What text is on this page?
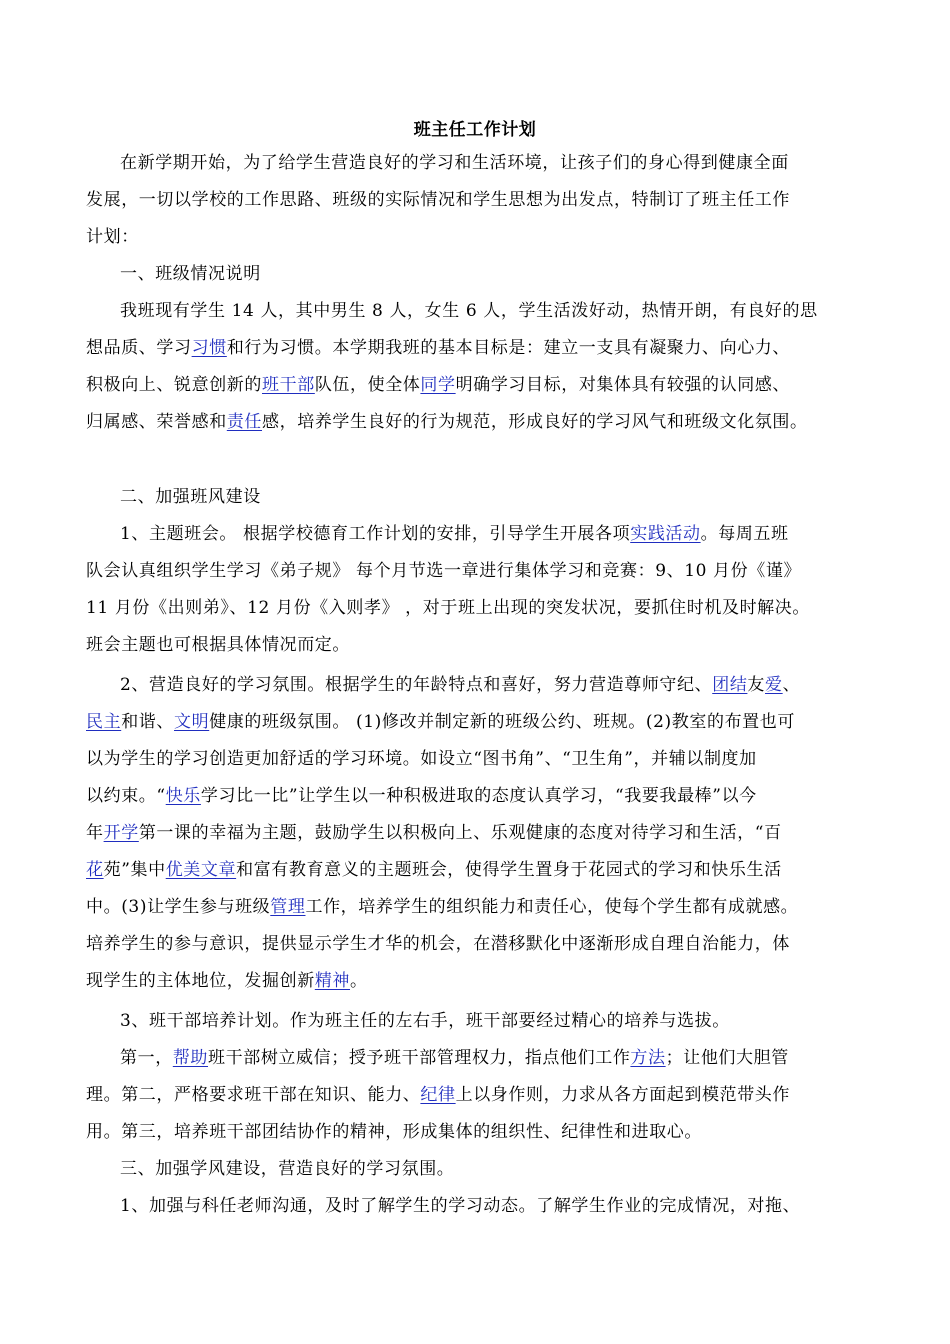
班主任工作计划
在新学期开始，为了给学生营造良好的学习和生活环境，让孩子们的身心得到健康全面
发展，一切以学校的工作思路、班级的实际情况和学生思想为出发点，特制订了班主任工作
计划：
一、班级情况说明
我班现有学生 14 人，其中男生 8 人，女生 6 人，学生活泼好动，热情开朗，有良好的思
想品质、学习习惯和行为习惯。本学期我班的基本目标是：建立一支具有凝聚力、向心力、
积极向上、锐意创新的班干部队伍，使全体同学明确学习目标，对集体具有较强的认同感、
归属感、荣誉感和责任感，培养学生良好的行为规范，形成良好的学习风气和班级文化氛围。
二、加强班风建设
1、主题班会。 根据学校德育工作计划的安排，引导学生开展各项实践活动。每周五班
队会认真组织学生学习《弟子规》 每个月节选一章进行集体学习和竞赛：9、10 月份《谨》
11 月份《出则弟》、12 月份《入则孝》 ，对于班上出现的突发状况，要抓住时机及时解决。
班会主题也可根据具体情况而定。
2、营造良好的学习氛围。根据学生的年龄特点和喜好，努力营造尊师守纪、团结友爱、
民主和谐、文明健康的班级氛围。 (1)修改并制定新的班级公约、班规。(2)教室的布置也可
以为学生的学习创造更加舒适的学习环境。如设立“图书角”、“卫生角”，并辅以制度加
以约束。“快乐学习比一比”让学生以一种积极进取的态度认真学习，“我要我最棒”以今
年开学第一课的幸福为主题，鼓励学生以积极向上、乐观健康的态度对待学习和生活，“百
花苑”集中优美文章和富有教育意义的主题班会，使得学生置身于花园式的学习和快乐生活
中。(3)让学生参与班级管理工作，培养学生的组织能力和责任心，使每个学生都有成就感。
培养学生的参与意识，提供显示学生才华的机会，在潜移默化中逐渐形成自理自治能力，体
现学生的主体地位，发掘创新精神。
3、班干部培养计划。作为班主任的左右手，班干部要经过精心的培养与选拔。
第一，帮助班干部树立威信；授予班干部管理权力，指点他们工作方法；让他们大胆管
理。第二，严格要求班干部在知识、能力、纪律上以身作则，力求从各方面起到模范带头作
用。第三，培养班干部团结协作的精神，形成集体的组织性、纪律性和进取心。
三、加强学风建设，营造良好的学习氛围。
1、加强与科任老师沟通，及时了解学生的学习动态。了解学生作业的完成情况，对拖、
